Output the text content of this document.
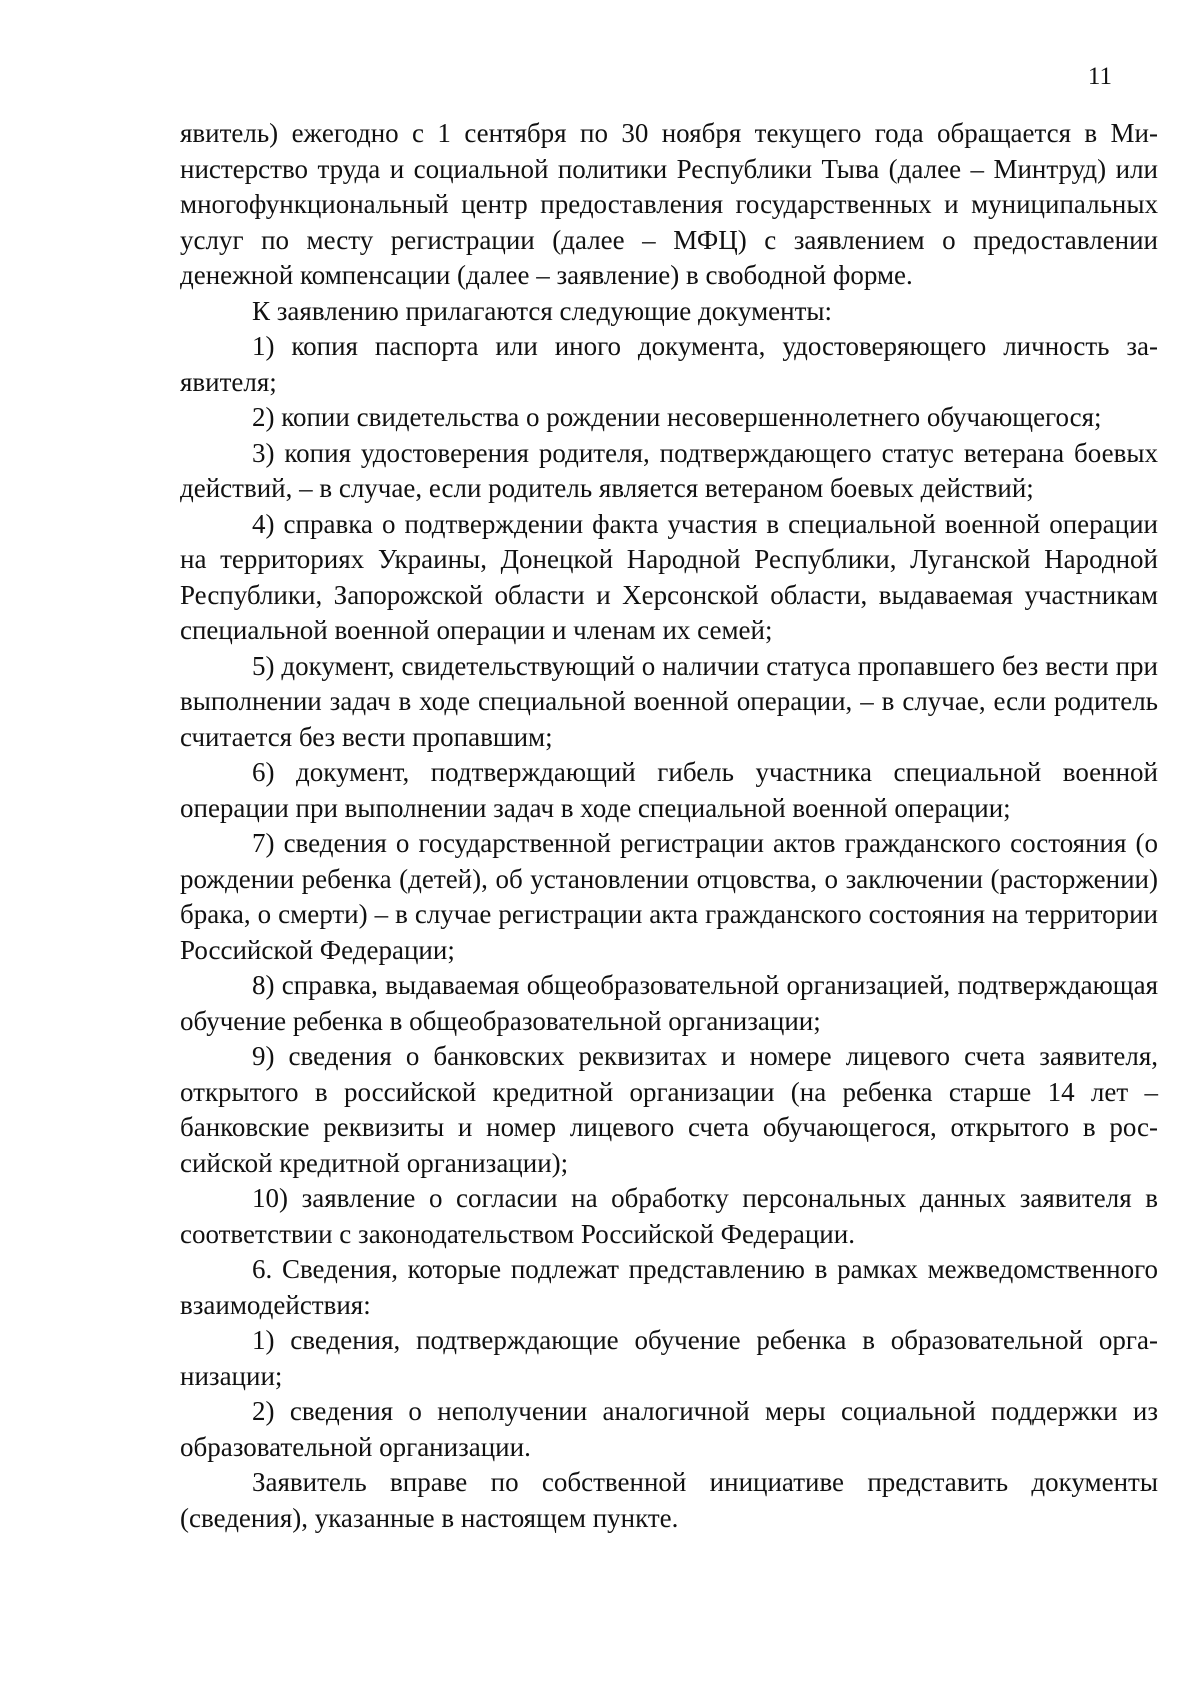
11

явитель) ежегодно с 1 сентября по 30 ноября текущего года обращается в Министерство труда и социальной политики Республики Тыва (далее – Минтруд) или многофункциональный центр предоставления государственных и муниципальных услуг по месту регистрации (далее – МФЦ) с заявлением о предоставлении денежной компенсации (далее – заявление) в свободной форме.

К заявлению прилагаются следующие документы:

1) копия паспорта или иного документа, удостоверяющего личность заявителя;

2) копии свидетельства о рождении несовершеннолетнего обучающегося;

3) копия удостоверения родителя, подтверждающего статус ветерана боевых действий, – в случае, если родитель является ветераном боевых действий;

4) справка о подтверждении факта участия в специальной военной операции на территориях Украины, Донецкой Народной Республики, Луганской Народной Республики, Запорожской области и Херсонской области, выдаваемая участникам специальной военной операции и членам их семей;

5) документ, свидетельствующий о наличии статуса пропавшего без вести при выполнении задач в ходе специальной военной операции, – в случае, если родитель считается без вести пропавшим;

6) документ, подтверждающий гибель участника специальной военной операции при выполнении задач в ходе специальной военной операции;

7) сведения о государственной регистрации актов гражданского состояния (о рождении ребенка (детей), об установлении отцовства, о заключении (расторжении) брака, о смерти) – в случае регистрации акта гражданского состояния на территории Российской Федерации;

8) справка, выдаваемая общеобразовательной организацией, подтверждающая обучение ребенка в общеобразовательной организации;

9) сведения о банковских реквизитах и номере лицевого счета заявителя, открытого в российской кредитной организации (на ребенка старше 14 лет – банковские реквизиты и номер лицевого счета обучающегося, открытого в российской кредитной организации);

10) заявление о согласии на обработку персональных данных заявителя в соответствии с законодательством Российской Федерации.

6. Сведения, которые подлежат представлению в рамках межведомственного взаимодействия:

1) сведения, подтверждающие обучение ребенка в образовательной организации;

2) сведения о неполучении аналогичной меры социальной поддержки из образовательной организации.

Заявитель вправе по собственной инициативе представить документы (сведения), указанные в настоящем пункте.
